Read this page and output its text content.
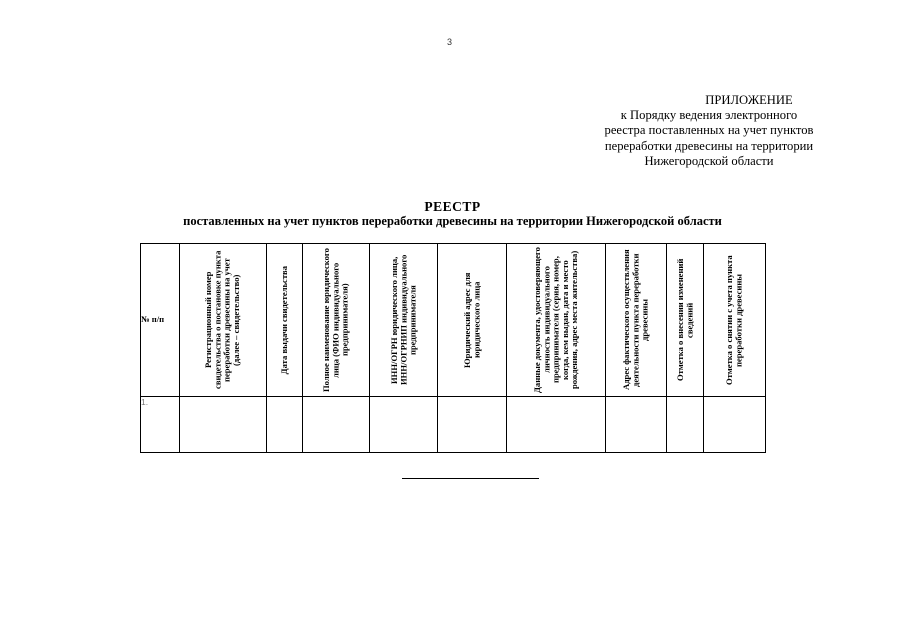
3
ПРИЛОЖЕНИЕ
к Порядку ведения электронного
реестра поставленных на учет пунктов
переработки древесины на территории
Нижегородской области
РЕЕСТР
поставленных на учет пунктов переработки древесины на территории Нижегородской области
№ п/п	Регистрационный номер свидетельства о постановке пункта переработки древесины на учет (далее – свидетельство)	Дата выдачи свидетельства	Полное наименование юридического лица (ФИО индивидуального предпринимателя)	ИНН/ОГРН юридического лица, ИНН/ОГРНИП индивидуального предпринимателя	Юридический адрес для юридического лица	Данные документа, удостоверяющего личность индивидуального предпринимателя (серия, номер, когда, кем выдан, дата и место рождения, адрес места жительства)	Адрес фактического осуществления деятельности пункта переработки древесины	Отметка о внесении изменений сведений	Отметка о снятии с учета пункта переработки древесины

1.									
